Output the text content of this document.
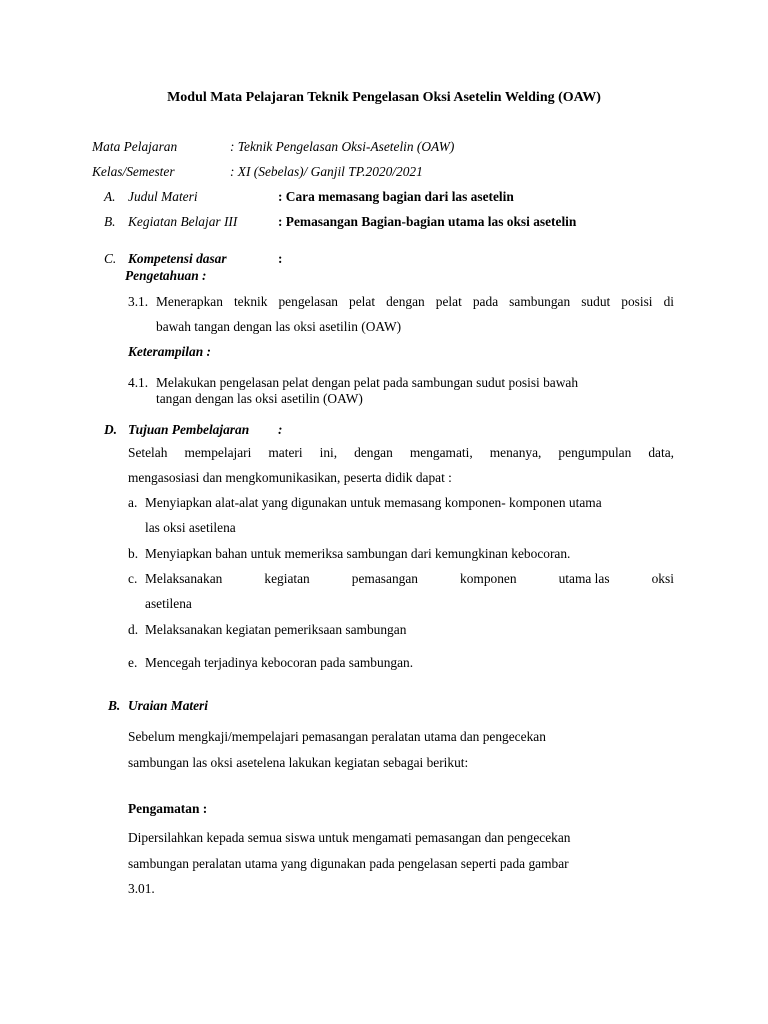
Modul Mata Pelajaran Teknik Pengelasan Oksi Asetelin Welding (OAW)
Mata Pelajaran	: Teknik Pengelasan Oksi-Asetelin (OAW)
Kelas/Semester	: XI (Sebelas)/ Ganjil TP.2020/2021
A. Judul Materi	: Cara memasang bagian dari las asetelin
B. Kegiatan Belajar III	: Pemasangan Bagian-bagian utama las oksi asetelin
C. Kompetensi dasar	:
Pengetahuan :
3.1. Menerapkan teknik pengelasan pelat dengan pelat pada sambungan sudut posisi di
bawah tangan dengan las oksi asetilin (OAW)
Keterampilan :
4.1. Melakukan pengelasan pelat dengan pelat pada sambungan sudut posisi bawah
tangan dengan las oksi asetilin (OAW)
D. Tujuan Pembelajaran :
Setelah mempelajari materi ini, dengan mengamati, menanya, pengumpulan data,
mengasosiasi dan mengkomunikasikan, peserta didik dapat :
a. Menyiapkan alat-alat yang digunakan untuk memasang komponen- komponen utama
las oksi asetilena
b. Menyiapkan bahan untuk memeriksa sambungan dari kemungkinan kebocoran.
c. Melaksanakan	kegiatan	pemasangan	komponen	utama las	oksi
asetilena
d. Melaksanakan kegiatan pemeriksaan sambungan
e. Mencegah terjadinya kebocoran pada sambungan.
B. Uraian Materi
Sebelum mengkaji/mempelajari pemasangan peralatan utama dan pengecekan
sambungan las oksi asetelena lakukan kegiatan sebagai berikut:
Pengamatan :
Dipersilahkan kepada semua siswa untuk mengamati pemasangan dan pengecekan
sambungan peralatan utama yang digunakan pada pengelasan seperti pada gambar
3.01.
